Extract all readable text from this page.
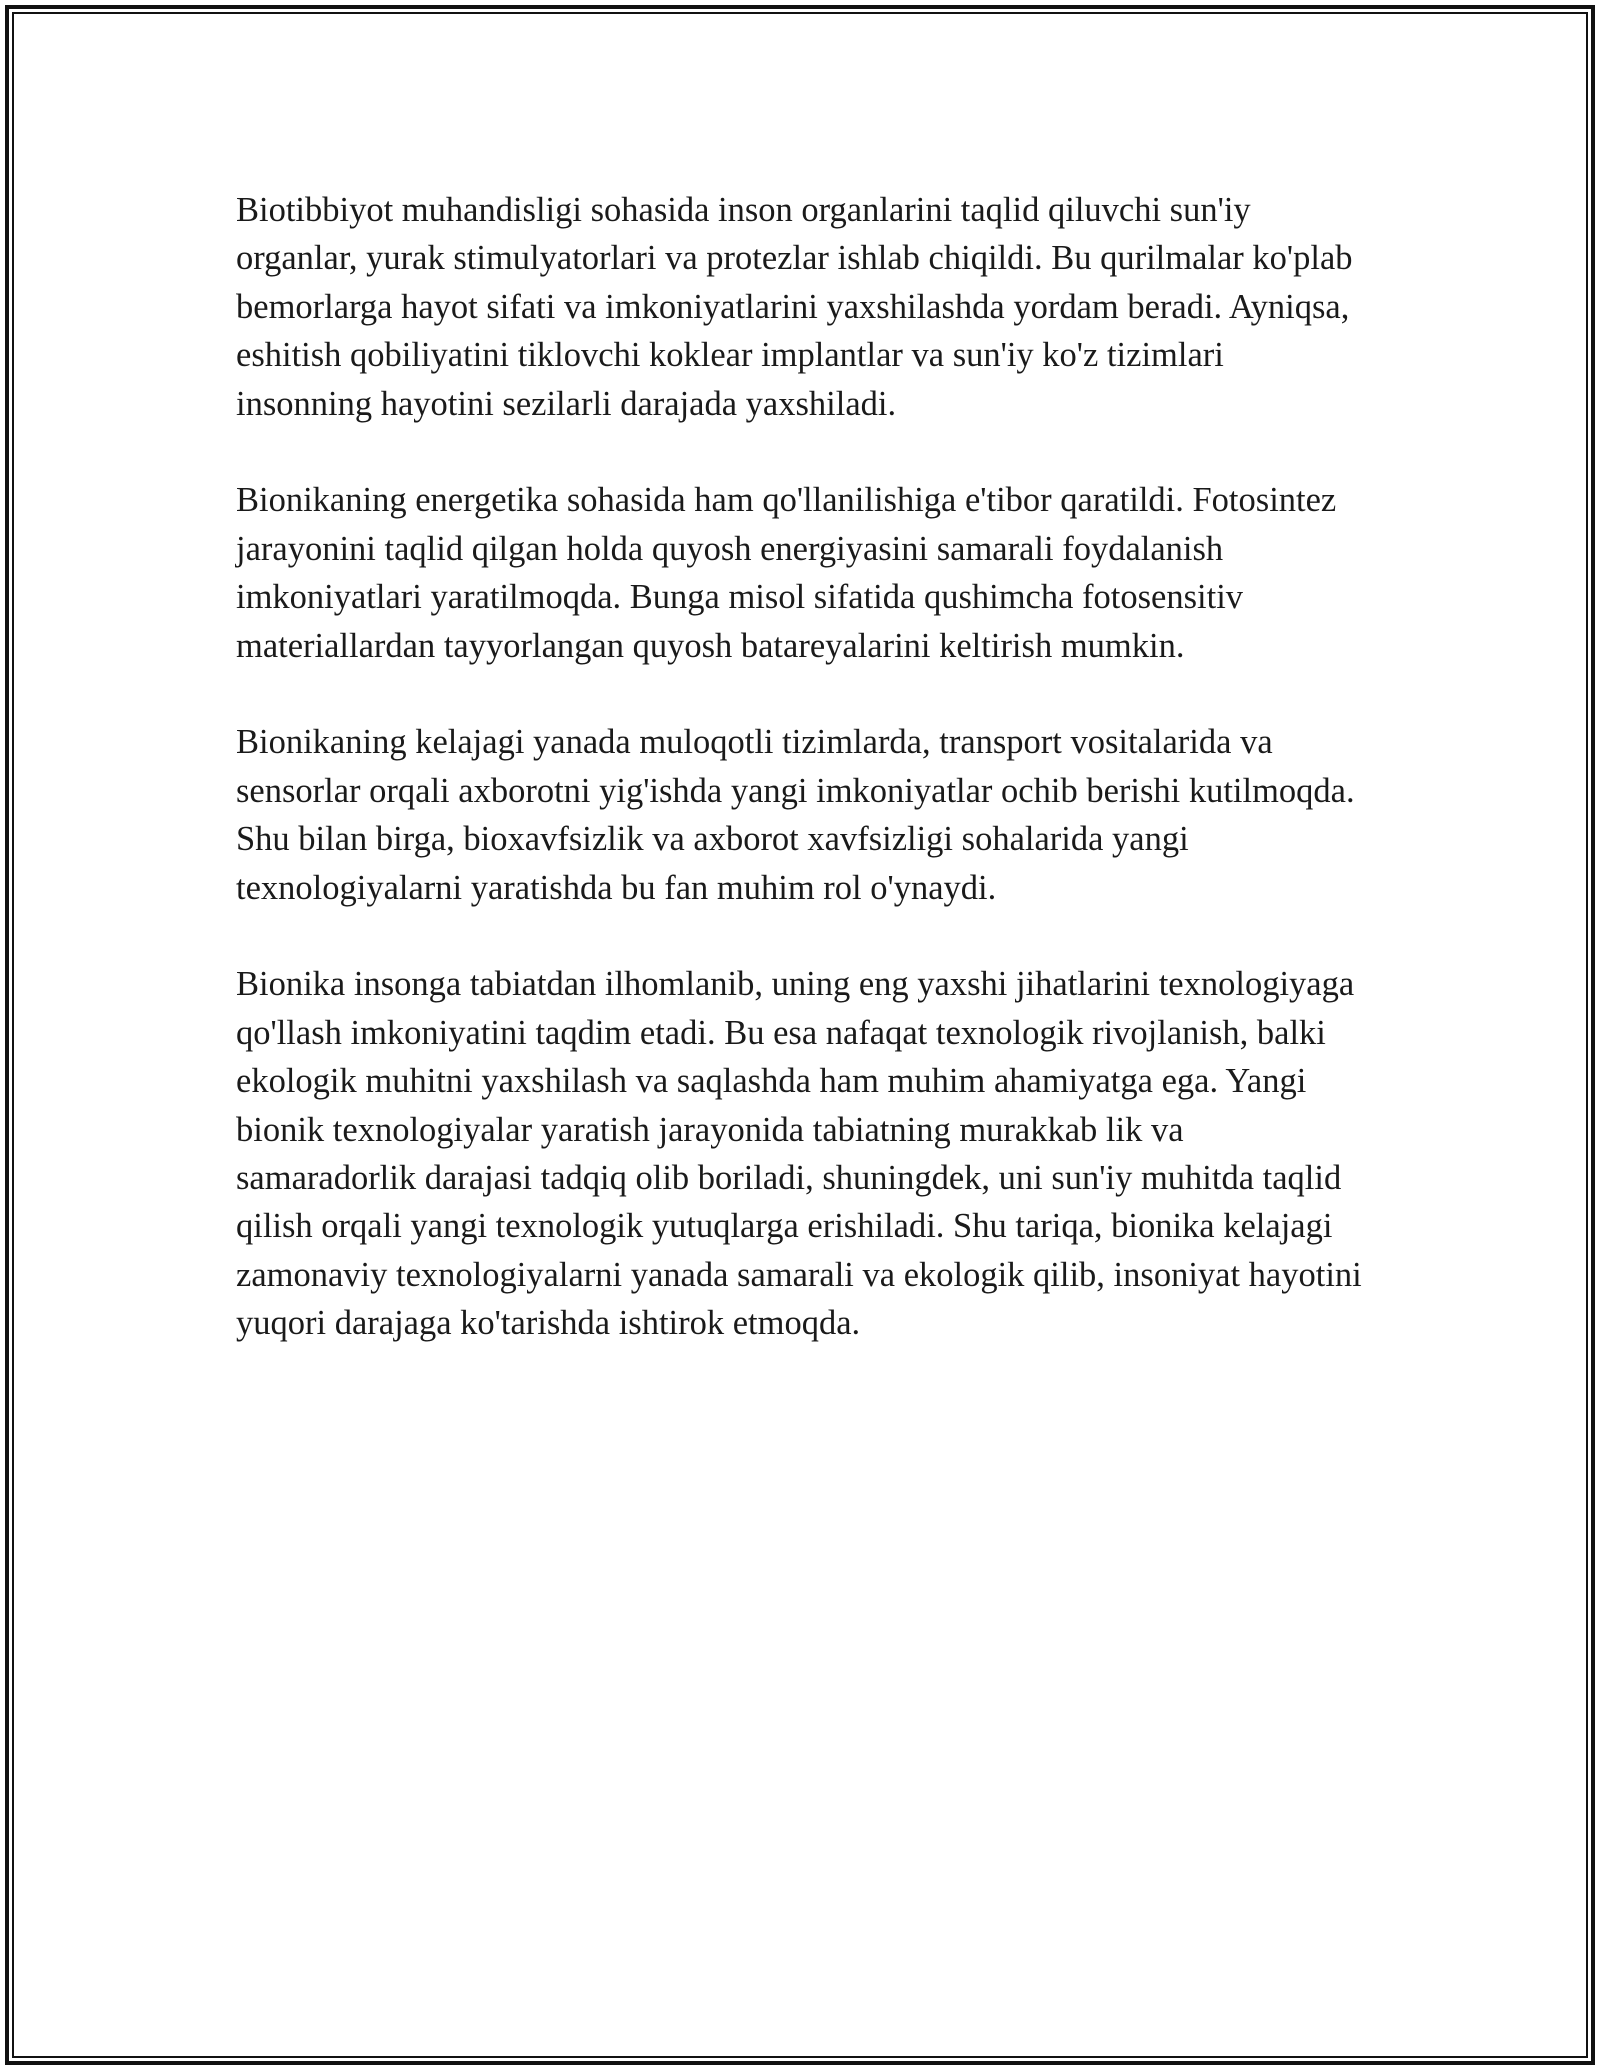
Biotibbiyot muhandisligi sohasida inson organlarini taqlid qiluvchi sun'iy organlar, yurak stimulyatorlari va protezlar ishlab chiqildi. Bu qurilmalar ko'plab bemorlarga hayot sifati va imkoniyatlarini yaxshilashda yordam beradi. Ayniqsa, eshitish qobiliyatini tiklovchi koklear implantlar va sun'iy ko'z tizimlari insonning hayotini sezilarli darajada yaxshiladi.

Bionikaning energetika sohasida ham qo'llanilishiga e'tibor qaratildi. Fotosintez jarayonini taqlid qilgan holda quyosh energiyasini samarali foydalanish imkoniyatlari yaratilmoqda. Bunga misol sifatida qushimcha fotosensitiv materiallardan tayyorlangan quyosh batareyalarini keltirish mumkin.

Bionikaning kelajagi yanada muloqotli tizimlarda, transport vositalarida va sensorlar orqali axborotni yig'ishda yangi imkoniyatlar ochib berishi kutilmoqda. Shu bilan birga, bioxavfsizlik va axborot xavfsizligi sohalarida yangi texnologiyalarni yaratishda bu fan muhim rol o'ynaydi.

Bionika insonga tabiatdan ilhomlanib, uning eng yaxshi jihatlarini texnologiyaga qo'llash imkoniyatini taqdim etadi. Bu esa nafaqat texnologik rivojlanish, balki ekologik muhitni yaxshilash va saqlashda ham muhim ahamiyatga ega. Yangi bionik texnologiyalar yaratish jarayonida tabiatning murakkab lik va samaradorlik darajasi tadqiq olib boriladi, shuningdek, uni sun'iy muhitda taqlid qilish orqali yangi texnologik yutuqlarga erishiladi. Shu tariqa, bionika kelajagi zamonaviy texnologiyalarni yanada samarali va ekologik qilib, insoniyat hayotini yuqori darajaga ko'tarishda ishtirok etmoqda.
